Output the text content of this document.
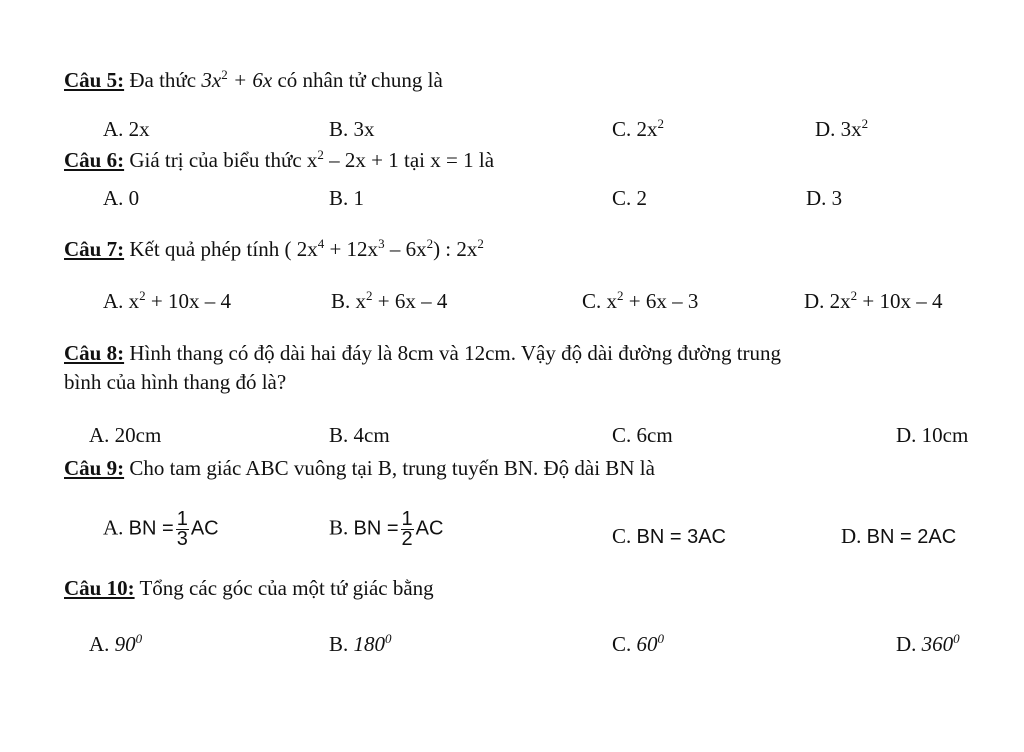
Câu 5: Đa thức $3x^2 + 6x$ có nhân tử chung là
A. 2x	B. 3x	C. $2x^2$	D. $3x^2$
Câu 6: Giá trị của biểu thức $x^2 - 2x + 1$ tại x = 1 là
A. 0	B. 1	C. 2	D. 3
Câu 7: Kết quả phép tính ( $2x^4 + 12x^3 - 6x^2$) : $2x^2$
A. $x^2 + 10x - 4$	B. $x^2 + 6x - 4$	C. $x^2 + 6x - 3$	D. $2x^2 + 10x - 4$
Câu 8: Hình thang có độ dài hai đáy là 8cm và 12cm. Vậy độ dài đường đường trung
bình của hình thang đó là?
A. 20cm	B. 4cm	C. 6cm	D. 10cm
Câu 9: Cho tam giác ABC vuông tại B, trung tuyến BN. Độ dài BN là
A. BN = $\frac{1}{3}$ AC	B. BN = $\frac{1}{2}$ AC	C. BN = 3AC	D. BN = 2AC
Câu 10: Tổng các góc của một tứ giác bằng
A. $90^0$	B. $180^0$	C. $60^0$	D. $360^0$
